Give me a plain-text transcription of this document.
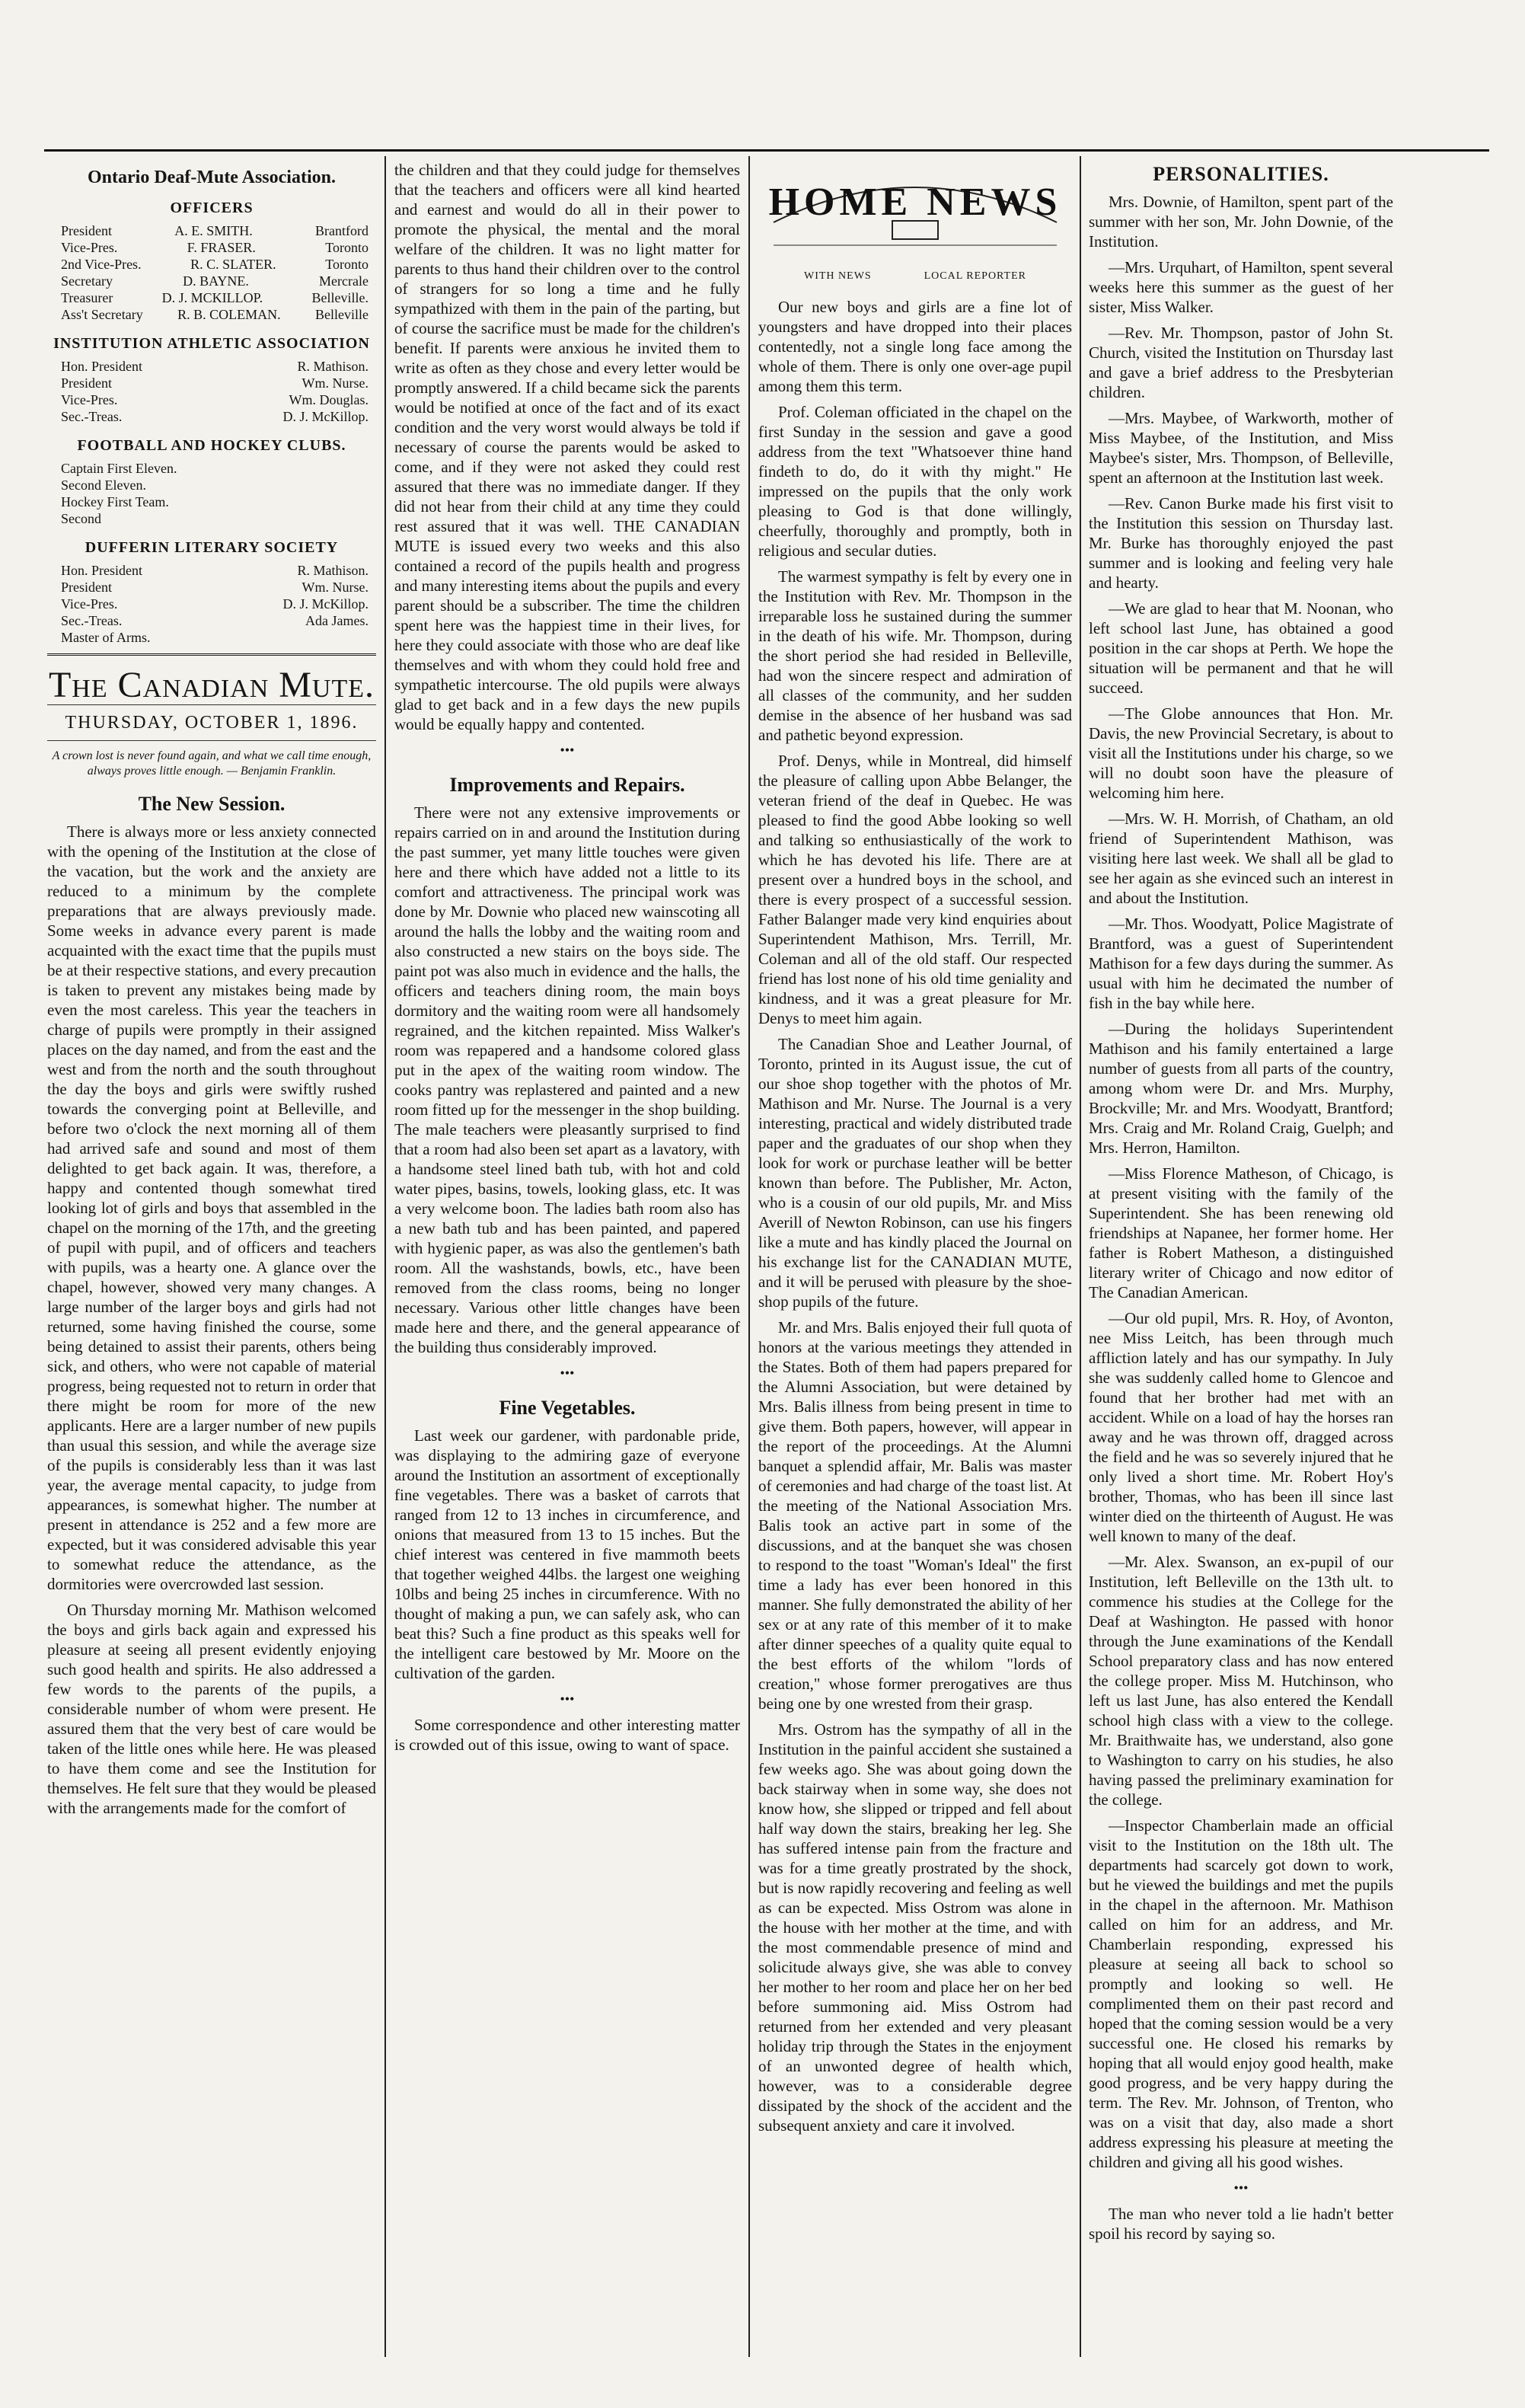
Ontario Deaf-Mute Association.
OFFICERS
President	A. E. SMITH.	Brantford
Vice-Pres.	F. FRASER.	Toronto
2nd Vice-Pres.	R. C. SLATER.	Toronto
Secretary	D. BAYNE.	Mercrale
Treasurer	D. J. MCKILLOP.	Belleville.
Ass't Secretary	R. B. COLEMAN.	Belleville
INSTITUTION ATHLETIC ASSOCIATION
Hon. President	R. Mathison.
President	Wm. Nurse.
Vice-Pres.	Wm. Douglas.
Sec.-Treas.	D. J. McKillop.
FOOTBALL AND HOCKEY CLUBS.
Captain First Eleven.
Second Eleven.
Hockey First Team.
Second
DUFFERIN LITERARY SOCIETY
Hon. President	R. Mathison.
President	Wm. Nurse.
Vice-Pres.	D. J. McKillop.
Sec.-Treas.	Ada James.
Master of Arms.
The Canadian Mute.
THURSDAY, OCTOBER 1, 1896.
A crown lost is never found again, and what we call time enough, always proves little enough. — Benjamin Franklin.
The New Session.

There is always more or less anxiety connected with the opening of the Institution at the close of the vacation, but the work and the anxiety are reduced to a minimum by the complete preparations that are always previously made. Some weeks in advance every parent is made acquainted with the exact time that the pupils must be at their respective stations, and every precaution is taken to prevent any mistakes being made by even the most careless. This year the teachers in charge of pupils were promptly in their assigned places on the day named, and from the east and the west and from the north and the south throughout the day the boys and girls were swiftly rushed towards the converging point at Belleville, and before two o'clock the next morning all of them had arrived safe and sound and most of them delighted to get back again. It was, therefore, a happy and contented though somewhat tired looking lot of girls and boys that assembled in the chapel on the morning of the 17th, and the greeting of pupil with pupil, and of officers and teachers with pupils, was a hearty one. A glance over the chapel, however, showed very many changes. A large number of the larger boys and girls had not returned, some having finished the course, some being detained to assist their parents, others being sick, and others, who were not capable of material progress, being requested not to return in order that there might be room for more of the new applicants. Here are a larger number of new pupils than usual this session, and while the average size of the pupils is considerably less than it was last year, the average mental capacity, to judge from appearances, is somewhat higher. The number at present in attendance is 252 and a few more are expected, but it was considered advisable this year to somewhat reduce the attendance, as the dormitories were overcrowded last session.

On Thursday morning Mr. Mathison welcomed the boys and girls back again and expressed his pleasure at seeing all present evidently enjoying such good health and spirits. He also addressed a few words to the parents of the pupils, a considerable number of whom were present. He assured them that the very best of care would be taken of the little ones while here. He was pleased to have them come and see the Institution for themselves. He felt sure that they would be pleased with the arrangements made for the comfort of

the children and that they could judge for themselves that the teachers and officers were all kind hearted and earnest and would do all in their power to promote the physical, the mental and the moral welfare of the children. It was no light matter for parents to thus hand their children over to the control of strangers for so long a time and he fully sympathized with them in the pain of the parting, but of course the sacrifice must be made for the children's benefit. If parents were anxious he invited them to write as often as they chose and every letter would be promptly answered. If a child became sick the parents would be notified at once of the fact and of its exact condition and the very worst would always be told if necessary of course the parents would be asked to come, and if they were not asked they could rest assured that there was no immediate danger. If they did not hear from their child at any time they could rest assured that it was well. THE CANADIAN MUTE is issued every two weeks and this also contained a record of the pupils health and progress and many interesting items about the pupils and every parent should be a subscriber. The time the children spent here was the happiest time in their lives, for here they could associate with those who are deaf like themselves and with whom they could hold free and sympathetic intercourse. The old pupils were always glad to get back and in a few days the new pupils would be equally happy and contented.

•••
Improvements and Repairs.

There were not any extensive improvements or repairs carried on in and around the Institution during the past summer, yet many little touches were given here and there which have added not a little to its comfort and attractiveness. The principal work was done by Mr. Downie who placed new wainscoting all around the halls the lobby and the waiting room and also constructed a new stairs on the boys side. The paint pot was also much in evidence and the halls, the officers and teachers dining room, the main boys dormitory and the waiting room were all handsomely regrained, and the kitchen repainted. Miss Walker's room was repapered and a handsome colored glass put in the apex of the waiting room window. The cooks pantry was replastered and painted and a new room fitted up for the messenger in the shop building. The male teachers were pleasantly surprised to find that a room had also been set apart as a lavatory, with a handsome steel lined bath tub, with hot and cold water pipes, basins, towels, looking glass, etc. It was a very welcome boon. The ladies bath room also has a new bath tub and has been painted, and papered with hygienic paper, as was also the gentlemen's bath room. All the washstands, bowls, etc., have been removed from the class rooms, being no longer necessary. Various other little changes have been made here and there, and the general appearance of the building thus considerably improved.

•••
Fine Vegetables.

Last week our gardener, with pardonable pride, was displaying to the admiring gaze of everyone around the Institution an assortment of exceptionally fine vegetables. There was a basket of carrots that ranged from 12 to 13 inches in circumference, and onions that measured from 13 to 15 inches. But the chief interest was centered in five mammoth beets that together weighed 44lbs. the largest one weighing 10lbs and being 25 inches in circumference. With no thought of making a pun, we can safely ask, who can beat this? Such a fine product as this speaks well for the intelligent care bestowed by Mr. Moore on the cultivation of the garden.

•••

Some correspondence and other interesting matter is crowded out of this issue, owing to want of space.

HOME NEWS
WITH NEWS	LOCAL REPORTER

Our new boys and girls are a fine lot of youngsters and have dropped into their places contentedly, not a single long face among the whole of them. There is only one over-age pupil among them this term.

Prof. Coleman officiated in the chapel on the first Sunday in the session and gave a good address from the text "Whatsoever thine hand findeth to do, do it with thy might." He impressed on the pupils that the only work pleasing to God is that done willingly, cheerfully, thoroughly and promptly, both in religious and secular duties.

The warmest sympathy is felt by every one in the Institution with Rev. Mr. Thompson in the irreparable loss he sustained during the summer in the death of his wife. Mr. Thompson, during the short period she had resided in Belleville, had won the sincere respect and admiration of all classes of the community, and her sudden demise in the absence of her husband was sad and pathetic beyond expression.

Prof. Denys, while in Montreal, did himself the pleasure of calling upon Abbe Belanger, the veteran friend of the deaf in Quebec. He was pleased to find the good Abbe looking so well and talking so enthusiastically of the work to which he has devoted his life. There are at present over a hundred boys in the school, and there is every prospect of a successful session. Father Balanger made very kind enquiries about Superintendent Mathison, Mrs. Terrill, Mr. Coleman and all of the old staff. Our respected friend has lost none of his old time geniality and kindness, and it was a great pleasure for Mr. Denys to meet him again.

The Canadian Shoe and Leather Journal, of Toronto, printed in its August issue, the cut of our shoe shop together with the photos of Mr. Mathison and Mr. Nurse. The Journal is a very interesting, practical and widely distributed trade paper and the graduates of our shop when they look for work or purchase leather will be better known than before. The Publisher, Mr. Acton, who is a cousin of our old pupils, Mr. and Miss Averill of Newton Robinson, can use his fingers like a mute and has kindly placed the Journal on his exchange list for the CANADIAN MUTE, and it will be perused with pleasure by the shoe-shop pupils of the future.

Mr. and Mrs. Balis enjoyed their full quota of honors at the various meetings they attended in the States. Both of them had papers prepared for the Alumni Association, but were detained by Mrs. Balis illness from being present in time to give them. Both papers, however, will appear in the report of the proceedings. At the Alumni banquet a splendid affair, Mr. Balis was master of ceremonies and had charge of the toast list. At the meeting of the National Association Mrs. Balis took an active part in some of the discussions, and at the banquet she was chosen to respond to the toast "Woman's Ideal" the first time a lady has ever been honored in this manner. She fully demonstrated the ability of her sex or at any rate of this member of it to make after dinner speeches of a quality quite equal to the best efforts of the whilom "lords of creation," whose former prerogatives are thus being one by one wrested from their grasp.

Mrs. Ostrom has the sympathy of all in the Institution in the painful accident she sustained a few weeks ago. She was about going down the back stairway when in some way, she does not know how, she slipped or tripped and fell about half way down the stairs, breaking her leg. She has suffered intense pain from the fracture and was for a time greatly prostrated by the shock, but is now rapidly recovering and feeling as well as can be expected. Miss Ostrom was alone in the house with her mother at the time, and with the most commendable presence of mind and solicitude always give, she was able to convey her mother to her room and place her on her bed before summoning aid. Miss Ostrom had returned from her extended and very pleasant holiday trip through the States in the enjoyment of an unwonted degree of health which, however, was to a considerable degree dissipated by the shock of the accident and the subsequent anxiety and care it involved.

PERSONALITIES.

Mrs. Downie, of Hamilton, spent part of the summer with her son, Mr. John Downie, of the Institution.

—Mrs. Urquhart, of Hamilton, spent several weeks here this summer as the guest of her sister, Miss Walker.

—Rev. Mr. Thompson, pastor of John St. Church, visited the Institution on Thursday last and gave a brief address to the Presbyterian children.

—Mrs. Maybee, of Warkworth, mother of Miss Maybee, of the Institution, and Miss Maybee's sister, Mrs. Thompson, of Belleville, spent an afternoon at the Institution last week.

—Rev. Canon Burke made his first visit to the Institution this session on Thursday last. Mr. Burke has thoroughly enjoyed the past summer and is looking and feeling very hale and hearty.

—We are glad to hear that M. Noonan, who left school last June, has obtained a good position in the car shops at Perth. We hope the situation will be permanent and that he will succeed.

—The Globe announces that Hon. Mr. Davis, the new Provincial Secretary, is about to visit all the Institutions under his charge, so we will no doubt soon have the pleasure of welcoming him here.

—Mrs. W. H. Morrish, of Chatham, an old friend of Superintendent Mathison, was visiting here last week. We shall all be glad to see her again as she evinced such an interest in and about the Institution.

—Mr. Thos. Woodyatt, Police Magistrate of Brantford, was a guest of Superintendent Mathison for a few days during the summer. As usual with him he decimated the number of fish in the bay while here.

—During the holidays Superintendent Mathison and his family entertained a large number of guests from all parts of the country, among whom were Dr. and Mrs. Murphy, Brockville; Mr. and Mrs. Woodyatt, Brantford; Mrs. Craig and Mr. Roland Craig, Guelph; and Mrs. Herron, Hamilton.

—Miss Florence Matheson, of Chicago, is at present visiting with the family of the Superintendent. She has been renewing old friendships at Napanee, her former home. Her father is Robert Matheson, a distinguished literary writer of Chicago and now editor of The Canadian American.

—Our old pupil, Mrs. R. Hoy, of Avonton, nee Miss Leitch, has been through much affliction lately and has our sympathy. In July she was suddenly called home to Glencoe and found that her brother had met with an accident. While on a load of hay the horses ran away and he was thrown off, dragged across the field and he was so severely injured that he only lived a short time. Mr. Robert Hoy's brother, Thomas, who has been ill since last winter died on the thirteenth of August. He was well known to many of the deaf.

—Mr. Alex. Swanson, an ex-pupil of our Institution, left Belleville on the 13th ult. to commence his studies at the College for the Deaf at Washington. He passed with honor through the June examinations of the Kendall School preparatory class and has now entered the college proper. Miss M. Hutchinson, who left us last June, has also entered the Kendall school high class with a view to the college. Mr. Braithwaite has, we understand, also gone to Washington to carry on his studies, he also having passed the preliminary examination for the college.

—Inspector Chamberlain made an official visit to the Institution on the 18th ult. The departments had scarcely got down to work, but he viewed the buildings and met the pupils in the chapel in the afternoon. Mr. Mathison called on him for an address, and Mr. Chamberlain responding, expressed his pleasure at seeing all back to school so promptly and looking so well. He complimented them on their past record and hoped that the coming session would be a very successful one. He closed his remarks by hoping that all would enjoy good health, make good progress, and be very happy during the term. The Rev. Mr. Johnson, of Trenton, who was on a visit that day, also made a short address expressing his pleasure at meeting the children and giving all his good wishes.

•••

The man who never told a lie hadn't better spoil his record by saying so.
